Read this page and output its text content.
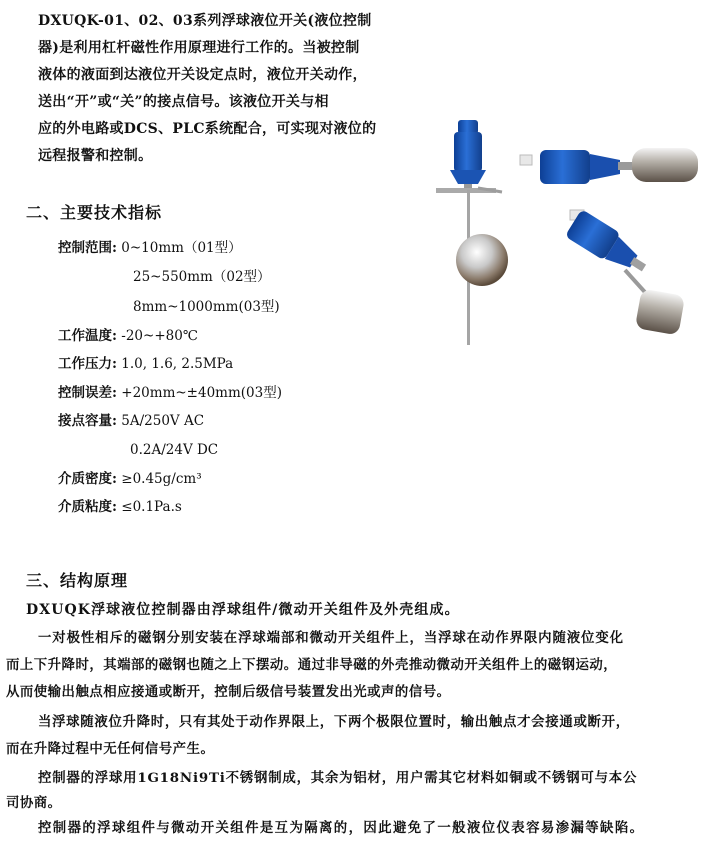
DXUQK-01、02、03系列浮球液位开关(液位控制
器)是利用杠杆磁性作用原理进行工作的。当被控制
液体的液面到达液位开关设定点时，液位开关动作，
送出“开”或“关”的接点信号。该液位开关与相
应的外电路或DCS、PLC系统配合，可实现对液位的
远程报警和控制。
二、主要技术指标
控制范围: 0~10mm（01型）
25~550mm（02型）
8mm~1000mm(03型)
工作温度: -20~+80℃
工作压力: 1.0, 1.6, 2.5MPa
控制误差: +20mm~±40mm(03型)
接点容量: 5A/250V AC
0.2A/24V DC
介质密度: ≥0.45g/cm³
介质粘度: ≤0.1Pa.s
三、结构原理
DXUQK浮球液位控制器由浮球组件/微动开关组件及外壳组成。
一对极性相斥的磁钢分别安装在浮球端部和微动开关组件上，当浮球在动作界限内随液位变化
而上下升降时，其端部的磁钢也随之上下摆动。通过非导磁的外壳推动微动开关组件上的磁钢运动，
从而使输出触点相应接通或断开，控制后级信号装置发出光或声的信号。
当浮球随液位升降时，只有其处于动作界限上，下两个极限位置时，输出触点才会接通或断开，
而在升降过程中无任何信号产生。
控制器的浮球用1G18Ni9Ti不锈钢制成，其余为铝材，用户需其它材料如铜或不锈钢可与本公
司协商。
控制器的浮球组件与微动开关组件是互为隔离的，因此避免了一般液位仪表容易渗漏等缺陷。
